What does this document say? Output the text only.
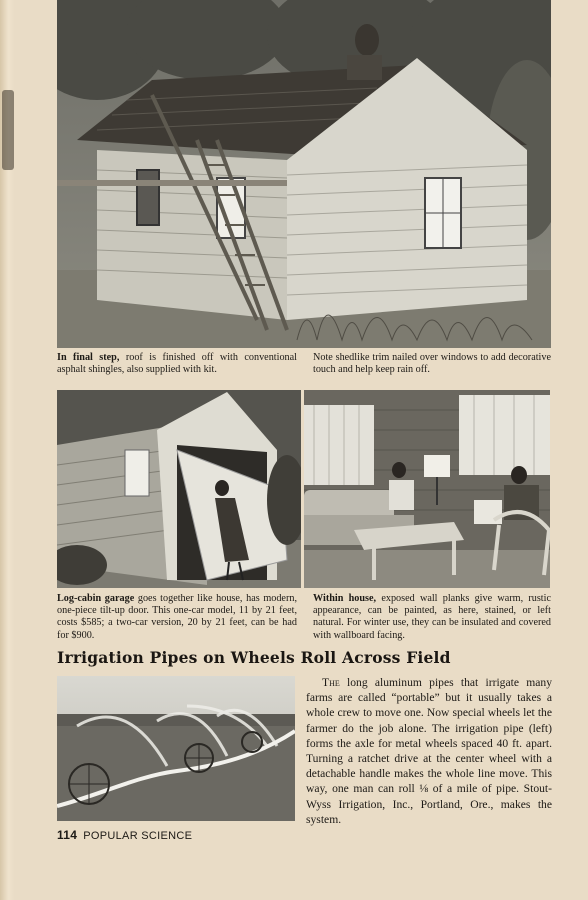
In final step, roof is finished off with conventional asphalt shingles, also supplied with kit.
Note shedlike trim nailed over windows to add decorative touch and help keep rain off.
Log-cabin garage goes together like house, has modern, one-piece tilt-up door. This one-car model, 11 by 21 feet, costs $585; a two-car version, 20 by 21 feet, can be had for $900.
Within house, exposed wall planks give warm, rustic appearance, can be painted, as here, stained, or left natural. For winter use, they can be insulated and covered with wallboard facing.
Irrigation Pipes on Wheels Roll Across Field
The long aluminum pipes that irrigate many farms are called “portable” but it usually takes a whole crew to move one. Now special wheels let the farmer do the job alone. The irrigation pipe (left) forms the axle for metal wheels spaced 40 ft. apart. Turning a ratchet drive at the center wheel with a detachable handle makes the whole line move. This way, one man can roll ⅛ of a mile of pipe. Stout-Wyss Irrigation, Inc., Portland, Ore., makes the system.
114 POPULAR SCIENCE
